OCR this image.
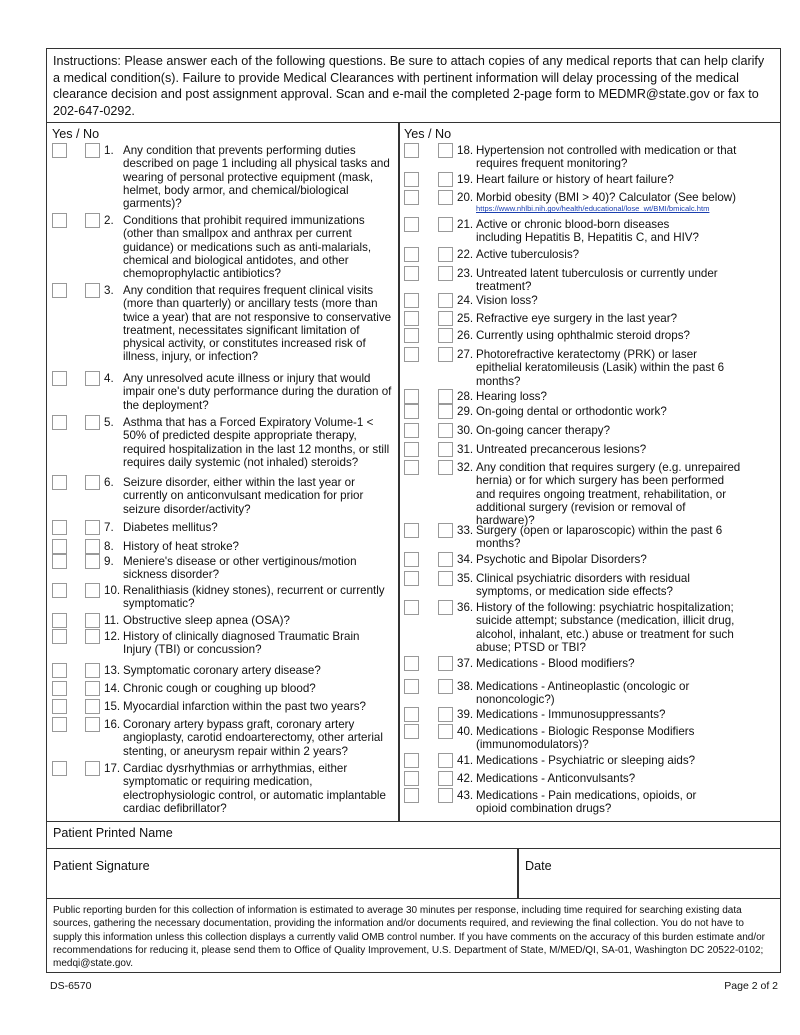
Instructions: Please answer each of the following questions. Be sure to attach copies of any medical reports that can help clarify a medical condition(s). Failure to provide Medical Clearances with pertinent information will delay processing of the medical clearance decision and post assignment approval. Scan and e-mail the completed 2-page form to MEDMR@state.gov or fax to 202-647-0292.
Yes / No	Yes / No
1. Any condition that prevents performing duties
described on page 1 including all physical tasks and
wearing of personal protective equipment (mask,
helmet, body armor, and chemical/biological
garments)?
2. Conditions that prohibit required immunizations
(other than smallpox and anthrax per current
guidance) or medications such as anti-malarials,
chemical and biological antidotes, and other
chemoprophylactic antibiotics?
3. Any condition that requires frequent clinical visits
(more than quarterly) or ancillary tests (more than
twice a year) that are not responsive to conservative
treatment, necessitates significant limitation of
physical activity, or constitutes increased risk of
illness, injury, or infection?
4. Any unresolved acute illness or injury that would
impair one's duty performance during the duration of
the deployment?
5. Asthma that has a Forced Expiratory Volume-1 <
50% of predicted despite appropriate therapy,
required hospitalization in the last 12 months, or still
requires daily systemic (not inhaled) steroids?
6. Seizure disorder, either within the last year or
currently on anticonvulsant medication for prior
seizure disorder/activity?
7. Diabetes mellitus?
8. History of heat stroke?
9. Meniere's disease or other vertiginous/motion
sickness disorder?
10. Renalithiasis (kidney stones), recurrent or currently
symptomatic?
11. Obstructive sleep apnea (OSA)?
12. History of clinically diagnosed Traumatic Brain
Injury (TBI) or concussion?
13. Symptomatic coronary artery disease?
14. Chronic cough or coughing up blood?
15. Myocardial infarction within the past two years?
16. Coronary artery bypass graft, coronary artery
angioplasty, carotid endoarterectomy, other arterial
stenting, or aneurysm repair within 2 years?
17. Cardiac dysrhythmias or arrhythmias, either
symptomatic or requiring medication,
electrophysiologic control, or automatic implantable
cardiac defibrillator?
18. Hypertension not controlled with medication or that
requires frequent monitoring?
19. Heart failure or history of heart failure?
20. Morbid obesity (BMI > 40)? Calculator (See below)
https://www.nhlbi.nih.gov/health/educational/lose_wt/BMI/bmicalc.htm
21. Active or chronic blood-born diseases
including Hepatitis B, Hepatitis C, and HIV?
22. Active tuberculosis?
23. Untreated latent tuberculosis or currently under
treatment?
24. Vision loss?
25. Refractive eye surgery in the last year?
26. Currently using ophthalmic steroid drops?
27. Photorefractive keratectomy (PRK) or laser
epithelial keratomileusis (Lasik) within the past 6
months?
28. Hearing loss?
29. On-going dental or orthodontic work?
30. On-going cancer therapy?
31. Untreated precancerous lesions?
32. Any condition that requires surgery (e.g. unrepaired
hernia) or for which surgery has been performed
and requires ongoing treatment, rehabilitation, or
additional surgery (revision or removal of
hardware)?
33. Surgery (open or laparoscopic) within the past 6
months?
34. Psychotic and Bipolar Disorders?
35. Clinical psychiatric disorders with residual
symptoms, or medication side effects?
36. History of the following: psychiatric hospitalization;
suicide attempt; substance (medication, illicit drug,
alcohol, inhalant, etc.) abuse or treatment for such
abuse; PTSD or TBI?
37. Medications - Blood modifiers?
38. Medications - Antineoplastic (oncologic or
nononcologic?)
39. Medications - Immunosuppressants?
40. Medications - Biologic Response Modifiers
(immunomodulators)?
41. Medications - Psychiatric or sleeping aids?
42. Medications - Anticonvulsants?
43. Medications - Pain medications, opioids, or
opioid combination drugs?
Patient Printed Name
Patient Signature	Date
Public reporting burden for this collection of information is estimated to average 30 minutes per response, including time required for searching existing data sources, gathering the necessary documentation, providing the information and/or documents required, and reviewing the final collection. You do not have to supply this information unless this collection displays a currently valid OMB control number. If you have comments on the accuracy of this burden estimate and/or recommendations for reducing it, please send them to Office of Quality Improvement, U.S. Department of State, M/MED/QI, SA-01, Washington DC 20522-0102; medqi@state.gov.
DS-6570	Page 2 of 2
